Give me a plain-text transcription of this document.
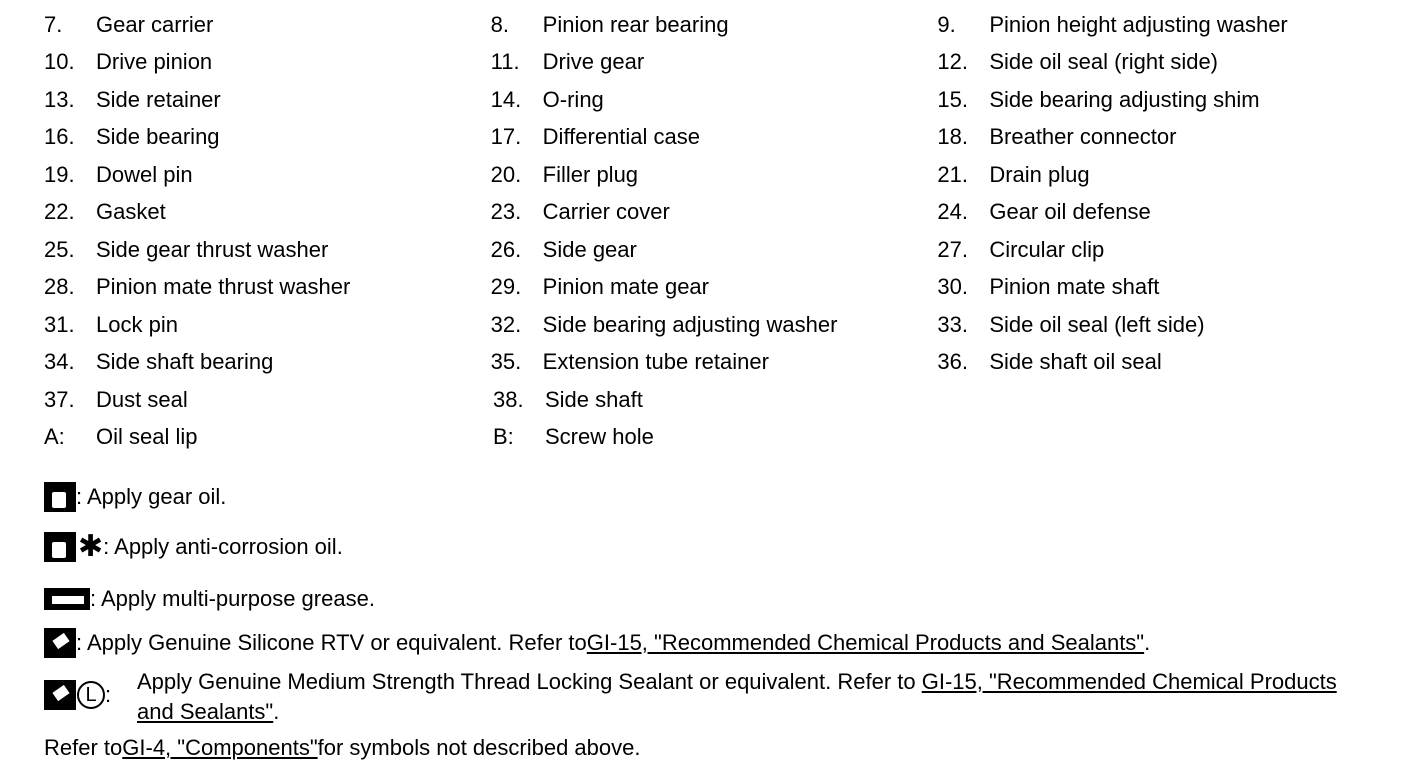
7.	Gear carrier	8.	Pinion rear bearing	9.	Pinion height adjusting washer
10. Drive pinion	11.	Drive gear	12. Side oil seal (right side)
13. Side retainer	14. O-ring	15. Side bearing adjusting shim
16. Side bearing	17. Differential case	18. Breather connector
19. Dowel pin	20. Filler plug	21. Drain plug
22. Gasket	23. Carrier cover	24. Gear oil defense
25. Side gear thrust washer	26. Side gear	27. Circular clip
28. Pinion mate thrust washer	29. Pinion mate gear	30. Pinion mate shaft
31. Lock pin	32. Side bearing adjusting washer	33. Side oil seal (left side)
34. Side shaft bearing	35. Extension tube retainer	36. Side shaft oil seal
37. Dust seal	38. Side shaft
A:	Oil seal lip	B:	Screw hole
: Apply gear oil.
✱ : Apply anti-corrosion oil.
: Apply multi-purpose grease.
: Apply Genuine Silicone RTV or equivalent. Refer to GI-15, "Recommended Chemical Products and Sealants" .
L :
Apply Genuine Medium Strength Thread Locking Sealant or equivalent. Refer to GI-15, "Recommended Chemical Products and Sealants".
Refer to GI-4, "Components" for symbols not described above.
